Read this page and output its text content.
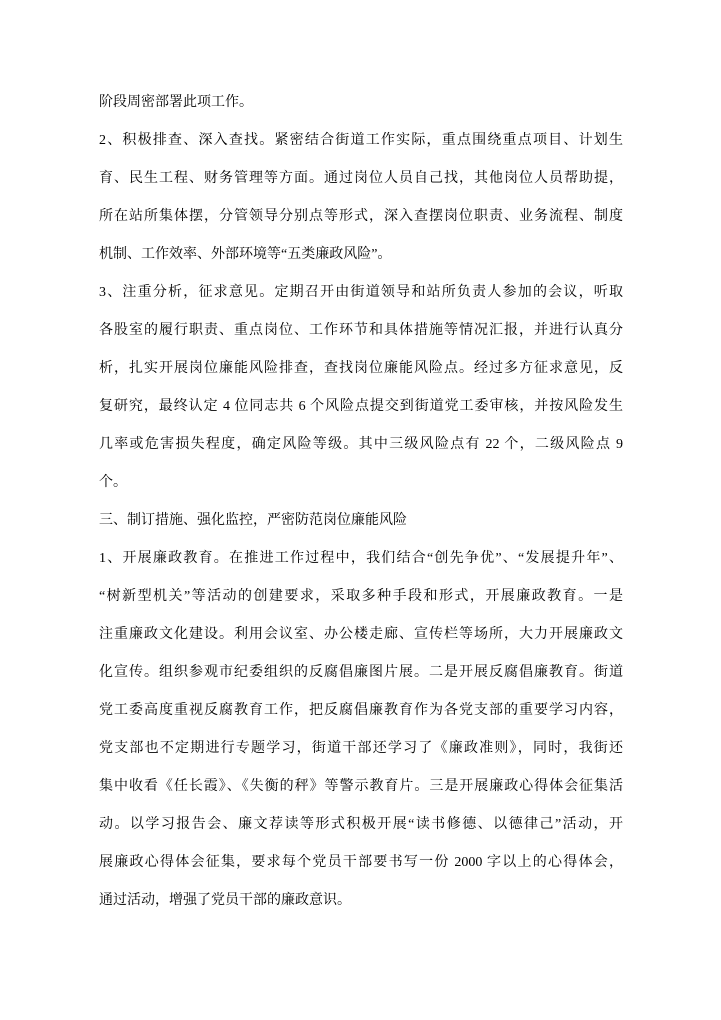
阶段周密部署此项工作。
2、积极排查、深入查找。紧密结合街道工作实际，重点围绕重点项目、计划生
育、民生工程、财务管理等方面。通过岗位人员自己找，其他岗位人员帮助提，
所在站所集体摆，分管领导分别点等形式，深入查摆岗位职责、业务流程、制度
机制、工作效率、外部环境等“五类廉政风险”。
3、注重分析，征求意见。定期召开由街道领导和站所负责人参加的会议，听取
各股室的履行职责、重点岗位、工作环节和具体措施等情况汇报，并进行认真分
析，扎实开展岗位廉能风险排查，查找岗位廉能风险点。经过多方征求意见，反
复研究，最终认定 4 位同志共 6 个风险点提交到街道党工委审核，并按风险发生
几率或危害损失程度，确定风险等级。其中三级风险点有 22 个，二级风险点 9
个。
三、制订措施、强化监控，严密防范岗位廉能风险
1、开展廉政教育。在推进工作过程中，我们结合“创先争优”、“发展提升年”、
“树新型机关”等活动的创建要求，采取多种手段和形式，开展廉政教育。一是
注重廉政文化建设。利用会议室、办公楼走廊、宣传栏等场所，大力开展廉政文
化宣传。组织参观市纪委组织的反腐倡廉图片展。二是开展反腐倡廉教育。街道
党工委高度重视反腐教育工作，把反腐倡廉教育作为各党支部的重要学习内容，
党支部也不定期进行专题学习，街道干部还学习了《廉政准则》，同时，我街还
集中收看《任长霞》、《失衡的秤》等警示教育片。三是开展廉政心得体会征集活
动。以学习报告会、廉文荐读等形式积极开展“读书修德、以德律己”活动，开
展廉政心得体会征集，要求每个党员干部要书写一份 2000 字以上的心得体会，
通过活动，增强了党员干部的廉政意识。
